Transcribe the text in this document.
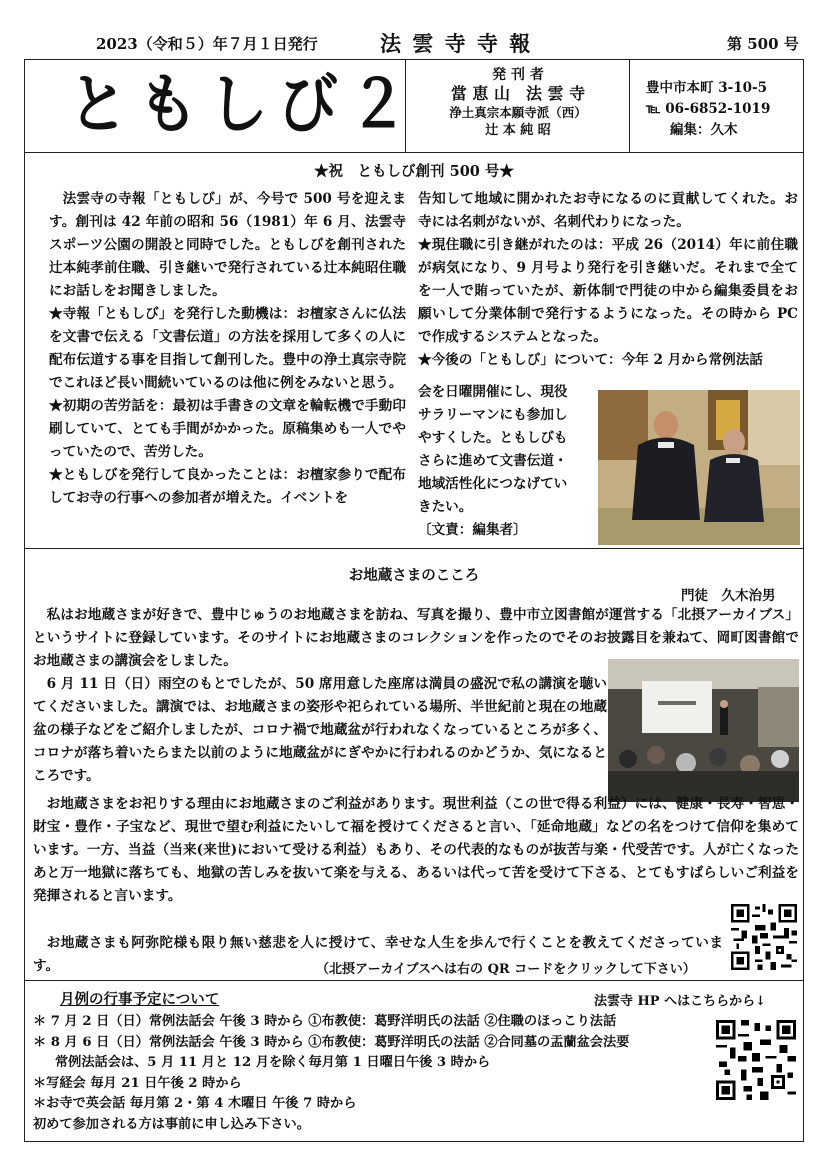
2023（令和５）年７月１日発行	法 雲 寺 寺 報	第 500 号
ともしび２	発 刊 者
當 恵 山　法 雲 寺
浄土真宗本願寺派（西）
辻 本 純 昭
豊中市本町 3-10-5
℡ 06-6852-1019
編集：久木
★祝　ともしび創刊 500 号★

法雲寺の寺報「ともしび」が、今号で 500 号を迎えます。創刊は 42 年前の昭和 56（1981）年 6 月、法雲寺スポーツ公園の開設と同時でした。ともしびを創刊された辻本純孝前住職、引き継いで発行されている辻本純昭住職にお話しをお聞きしました。

★寺報「ともしび」を発行した動機は：お檀家さんに仏法を文書で伝える「文書伝道」の方法を採用して多くの人に配布伝道する事を目指して創刊した。豊中の浄土真宗寺院でこれほど長い間続いているのは他に例をみないと思う。

★初期の苦労話を：最初は手書きの文章を輪転機で手動印刷していて、とても手間がかかった。原稿集めも一人でやっていたので、苦労した。

★ともしびを発行して良かったことは：お檀家参りで配布してお寺の行事への参加者が増えた。イベントを

告知して地域に開かれたお寺になるのに貢献してくれた。お寺には名刺がないが、名刺代わりになった。

★現住職に引き継がれたのは：平成 26（2014）年に前住職が病気になり、9 月号より発行を引き継いだ。それまで全てを一人で賄っていたが、新体制で門徒の中から編集委員をお願いして分業体制で発行するようになった。その時から PC で作成するシステムとなった。

★今後の「ともしび」について：今年 2 月から常例法話

会を日曜開催にし、現役

サラリーマンにも参加し

やすくした。ともしびも

さらに進めて文書伝道・

地域活性化につなげてい

きたい。

〔文責：編集者〕

お地蔵さまのこころ
門徒　久木治男

私はお地蔵さまが好きで、豊中じゅうのお地蔵さまを訪ね、写真を撮り、豊中市立図書館が運営する「北摂アーカイブス」というサイトに登録しています。そのサイトにお地蔵さまのコレクションを作ったのでそのお披露目を兼ねて、岡町図書館でお地蔵さまの講演会をしました。

6 月 11 日（日）雨空のもとでしたが、50 席用意した座席は満員の盛況で私の講演を聴いてくださいました。講演では、お地蔵さまの姿形や祀られている場所、半世紀前と現在の地蔵盆の様子などをご紹介しましたが、コロナ禍で地蔵盆が行われなくなっているところが多く、コロナが落ち着いたらまた以前のように地蔵盆がにぎやかに行われるのかどうか、気になるところです。

お地蔵さまをお祀りする理由にお地蔵さまのご利益があります。現世利益（この世で得る利益）には、健康・長寿・智恵・財宝・豊作・子宝など、現世で望む利益にたいして福を授けてくださると言い、「延命地蔵」などの名をつけて信仰を集めています。一方、当益（当来(来世)において受ける利益）もあり、その代表的なものが抜苦与楽・代受苦です。人が亡くなったあと万一地獄に落ちても、地獄の苦しみを抜いて楽を与える、あるいは代って苦を受けて下さる、とてもすばらしいご利益を発揮されると言います。

お地蔵さまも阿弥陀様も限り無い慈悲を人に授けて、幸せな人生を歩んで行くことを教えてくださっています。	（北摂アーカイブスへは右の QR コードをクリックして下さい）
月例の行事予定について	法雲寺 HP へはこちらから↓

＊ 7 月 2 日（日）常例法話会 午後 3 時から ①布教使：葛野洋明氏の法話 ②住職のほっこり法話

＊ 8 月 6 日（日）常例法話会 午後 3 時から ①布教使：葛野洋明氏の法話 ②合同墓の盂蘭盆会法要

常例法話会は、5 月 11 月と 12 月を除く毎月第 1 日曜日午後 3 時から

＊写経会 毎月 21 日午後 2 時から

＊お寺で英会話 毎月第 2・第 4 木曜日 午後 7 時から

初めて参加される方は事前に申し込み下さい。
